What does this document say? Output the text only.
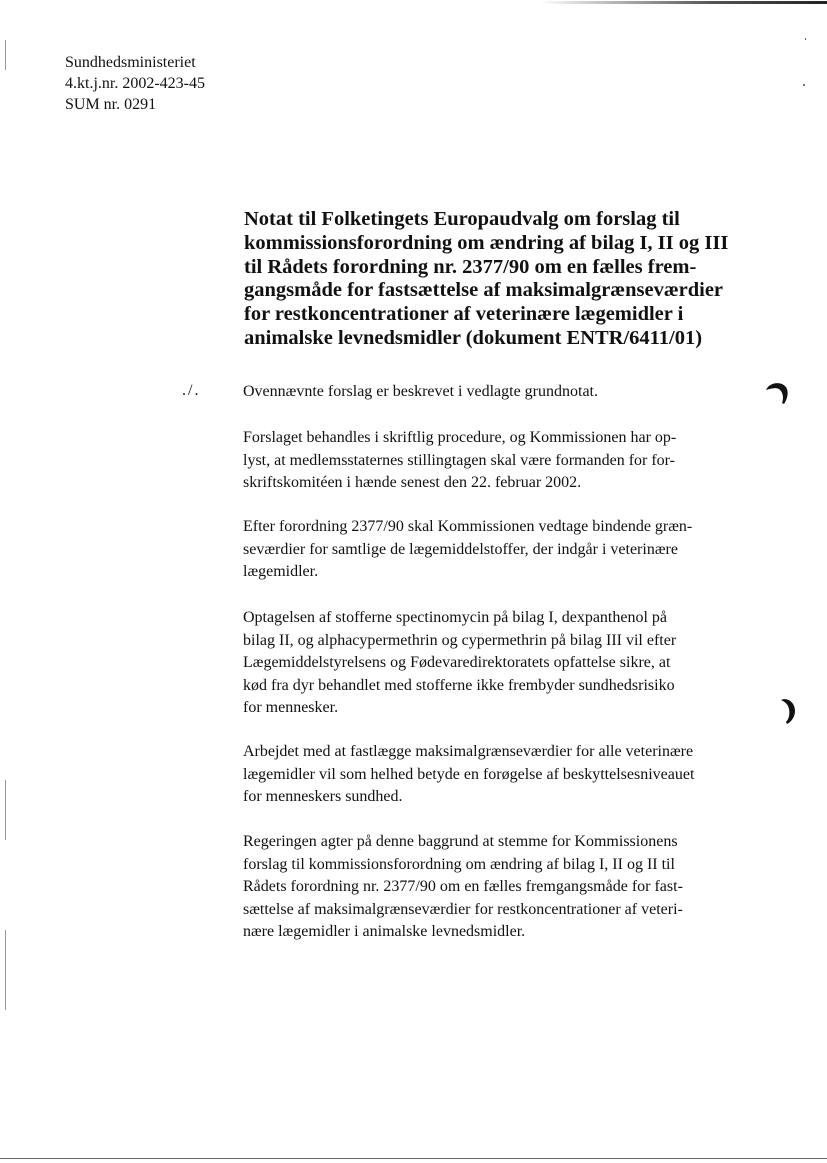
Sundhedsministeriet
4.kt.j.nr. 2002-423-45
SUM nr. 0291
Notat til Folketingets Europaudvalg om forslag til
kommissionsforordning om ændring af bilag I, II og III
til Rådets forordning nr. 2377/90 om en fælles frem-
gangsmåde for fastsættelse af maksimalgrænseværdier
for restkoncentrationer af veterinære lægemidler i
animalske levnedsmidler (dokument ENTR/6411/01)
./.	Ovennævnte forslag er beskrevet i vedlagte grundnotat.
Forslaget behandles i skriftlig procedure, og Kommissionen har op-
lyst, at medlemsstaternes stillingtagen skal være formanden for for-
skriftskomitéen i hænde senest den 22. februar 2002.
Efter forordning 2377/90 skal Kommissionen vedtage bindende græn-
seværdier for samtlige de lægemiddelstoffer, der indgår i veterinære
lægemidler.
Optagelsen af stofferne spectinomycin på bilag I, dexpanthenol på
bilag II, og alphacypermethrin og cypermethrin på bilag III vil efter
Lægemiddelstyrelsens og Fødevaredirektoratets opfattelse sikre, at
kød fra dyr behandlet med stofferne ikke frembyder sundhedsrisiko
for mennesker.
Arbejdet med at fastlægge maksimalgrænseværdier for alle veterinære
lægemidler vil som helhed betyde en forøgelse af beskyttelsesniveauet
for menneskers sundhed.
Regeringen agter på denne baggrund at stemme for Kommissionens
forslag til kommissionsforordning om ændring af bilag I, II og II til
Rådets forordning nr. 2377/90 om en fælles fremgangsmåde for fast-
sættelse af maksimalgrænseværdier for restkoncentrationer af veteri-
nære lægemidler i animalske levnedsmidler.
